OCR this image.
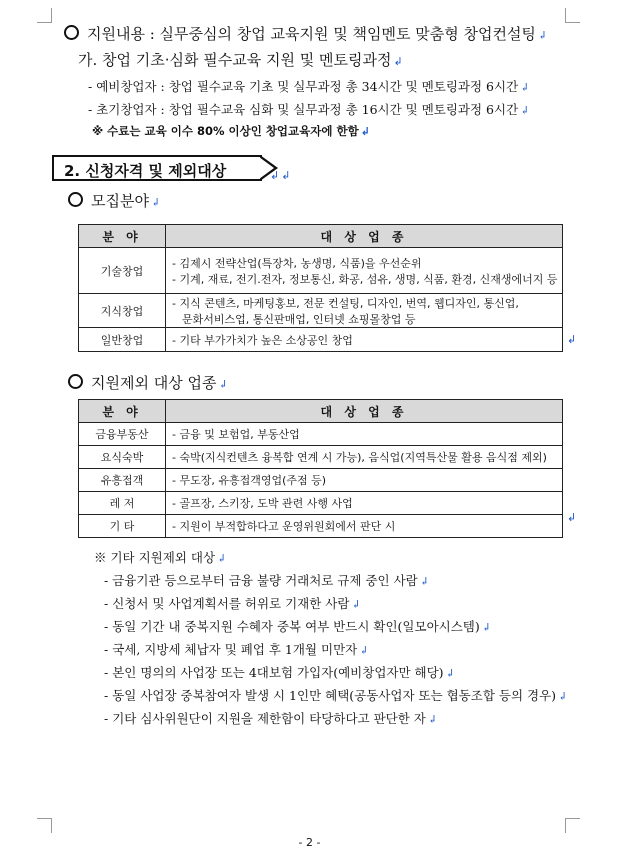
지원내용 : 실무중심의 창업 교육지원 및 책임멘토 맞춤형 창업컨설팅 ↲
가. 창업 기초·심화 필수교육 지원 및 멘토링과정 ↲
- 예비창업자 : 창업 필수교육 기초 및 실무과정 총 34시간 및 멘토링과정 6시간 ↲
- 초기창업자 : 창업 필수교육 심화 및 실무과정 총 16시간 및 멘토링과정 6시간 ↲
※ 수료는 교육 이수 80% 이상인 창업교육자에 한함 ↲
2. 신청자격 및 제외대상	↲ ↲
모집분야 ↲
분 야	대 상 업 종
기술창업	- 김제시 전략산업(특장차, 농생명, 식품)을 우선순위
- 기계, 재료, 전기.전자, 정보통신, 화공, 섬유, 생명, 식품, 환경, 신재생에너지 등

지식창업	- 지식 콘텐츠, 마케팅홍보, 전문 컨설팅, 디자인, 번역, 웹디자인, 통신업,
문화서비스업, 통신판매업, 인터넷 쇼핑몰창업 등

일반창업	- 기타 부가가치가 높은 소상공인 창업	↲
지원제외 대상 업종 ↲
분 야	대 상 업 종
금융부동산	- 금융 및 보험업, 부동산업
요식숙박	- 숙박(지식컨텐츠 융복합 연계 시 가능), 음식업(지역특산물 활용 음식점 제외)
유흥접객	- 무도장, 유흥접객영업(주점 등)
레 저	- 골프장, 스키장, 도박 관련 사행 사업
기 타	- 지원이 부적합하다고 운영위원회에서 판단 시
↲
※ 기타 지원제외 대상 ↲
- 금융기관 등으로부터 금융 불량 거래처로 규제 중인 사람 ↲
- 신청서 및 사업계획서를 허위로 기재한 사람 ↲
- 동일 기간 내 중복지원 수혜자 중복 여부 반드시 확인(일모아시스템) ↲
- 국세, 지방세 체납자 및 폐업 후 1개월 미만자 ↲
- 본인 명의의 사업장 또는 4대보험 가입자(예비창업자만 해당) ↲
- 동일 사업장 중복참여자 발생 시 1인만 혜택(공동사업자 또는 협동조합 등의 경우) ↲
- 기타 심사위원단이 지원을 제한함이 타당하다고 판단한 자 ↲
- 2 -
